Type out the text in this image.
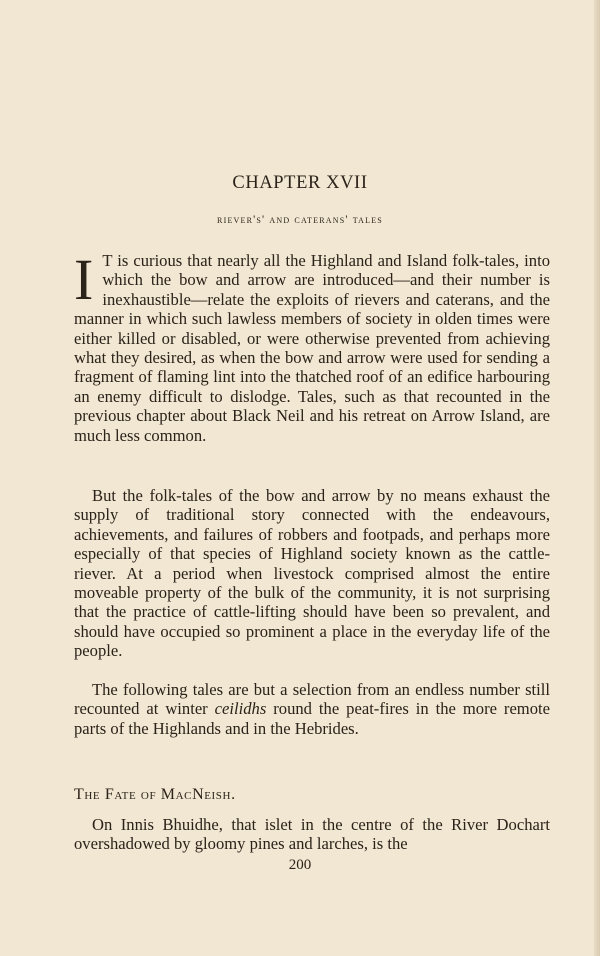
CHAPTER XVII
riever's' and caterans' tales
I T is curious that nearly all the Highland and Island folk-tales, into which the bow and arrow are introduced—and their number is inexhaustible—relate the exploits of rievers and caterans, and the manner in which such lawless members of society in olden times were either killed or disabled, or were otherwise prevented from achieving what they desired, as when the bow and arrow were used for sending a fragment of flaming lint into the thatched roof of an edifice harbouring an enemy difficult to dislodge. Tales, such as that recounted in the previous chapter about Black Neil and his retreat on Arrow Island, are much less common.

But the folk-tales of the bow and arrow by no means exhaust the supply of traditional story connected with the endeavours, achievements, and failures of robbers and footpads, and perhaps more especially of that species of Highland society known as the cattle-riever. At a period when livestock comprised almost the entire moveable property of the bulk of the community, it is not surprising that the practice of cattle-lifting should have been so prevalent, and should have occupied so prominent a place in the everyday life of the people.

The following tales are but a selection from an endless number still recounted at winter ceilidhs round the peat-fires in the more remote parts of the Highlands and in the Hebrides.

The Fate of MacNeish.

On Innis Bhuidhe, that islet in the centre of the River Dochart overshadowed by gloomy pines and larches, is the

200
